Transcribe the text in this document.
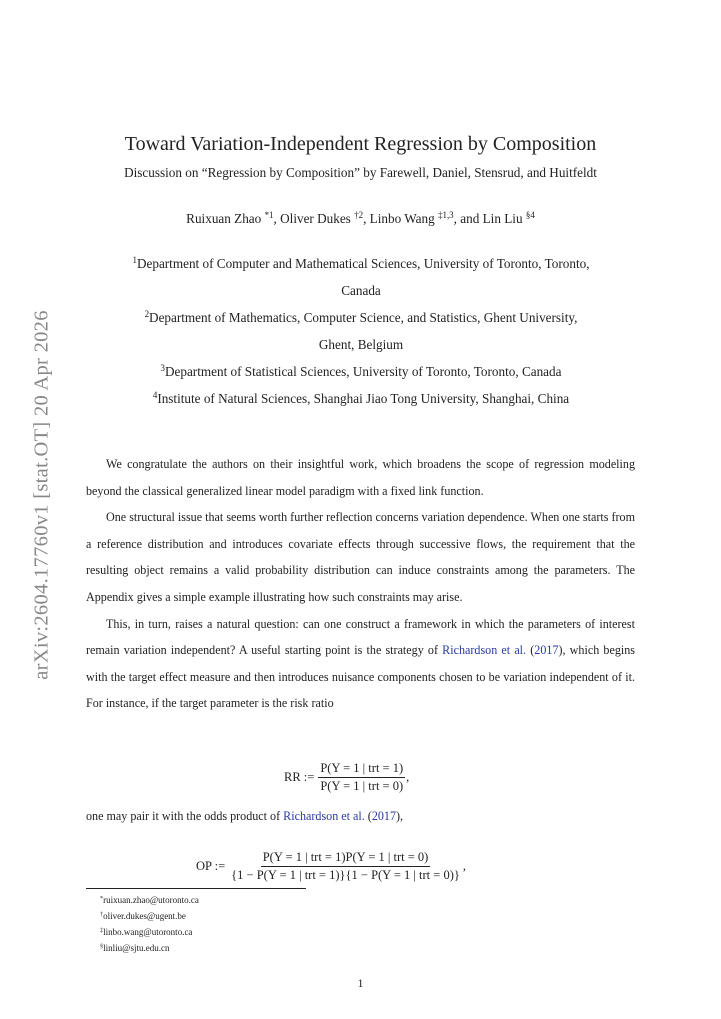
arXiv:2604.17760v1 [stat.OT] 20 Apr 2026
Toward Variation-Independent Regression by Composition
Discussion on “Regression by Composition” by Farewell, Daniel, Stensrud, and Huitfeldt
Ruixuan Zhao $^{*1}$, Oliver Dukes $^{\dagger 2}$, Linbo Wang $^{\ddagger 1,3}$, and Lin Liu $^{\S 4}$
$^1$Department of Computer and Mathematical Sciences, University of Toronto, Toronto,
Canada
$^2$Department of Mathematics, Computer Science, and Statistics, Ghent University,
Ghent, Belgium
$^3$Department of Statistical Sciences, University of Toronto, Toronto, Canada
$^4$Institute of Natural Sciences, Shanghai Jiao Tong University, Shanghai, China

We congratulate the authors on their insightful work, which broadens the scope of regression modeling beyond the classical generalized linear model paradigm with a fixed link function.

One structural issue that seems worth further reflection concerns variation dependence. When one starts from a reference distribution and introduces covariate effects through successive flows, the requirement that the resulting object remains a valid probability distribution can induce constraints among the parameters. The Appendix gives a simple example illustrating how such constraints may arise.

This, in turn, raises a natural question: can one construct a framework in which the parameters of interest remain variation independent? A useful starting point is the strategy of Richardson et al. (2017), which begins with the target effect measure and then introduces nuisance components chosen to be variation independent of it. For instance, if the target parameter is the risk ratio

RR := $\frac{\text{P(Y = 1 | trt = 1)}}{\text{P(Y = 1 | trt = 0)}}$ ,
one may pair it with the odds product of Richardson et al. (2017),
OP := $\frac{\text{P(Y = 1 | trt = 1)P(Y = 1 | trt = 0)}}{\text{\{1 − P(Y = 1 | trt = 1)\}\{1 − P(Y = 1 | trt = 0)\}}}$ ,
*ruixuan.zhao@utoronto.ca
†oliver.dukes@ugent.be
‡linbo.wang@utoronto.ca
§linliu@sjtu.edu.cn
1
